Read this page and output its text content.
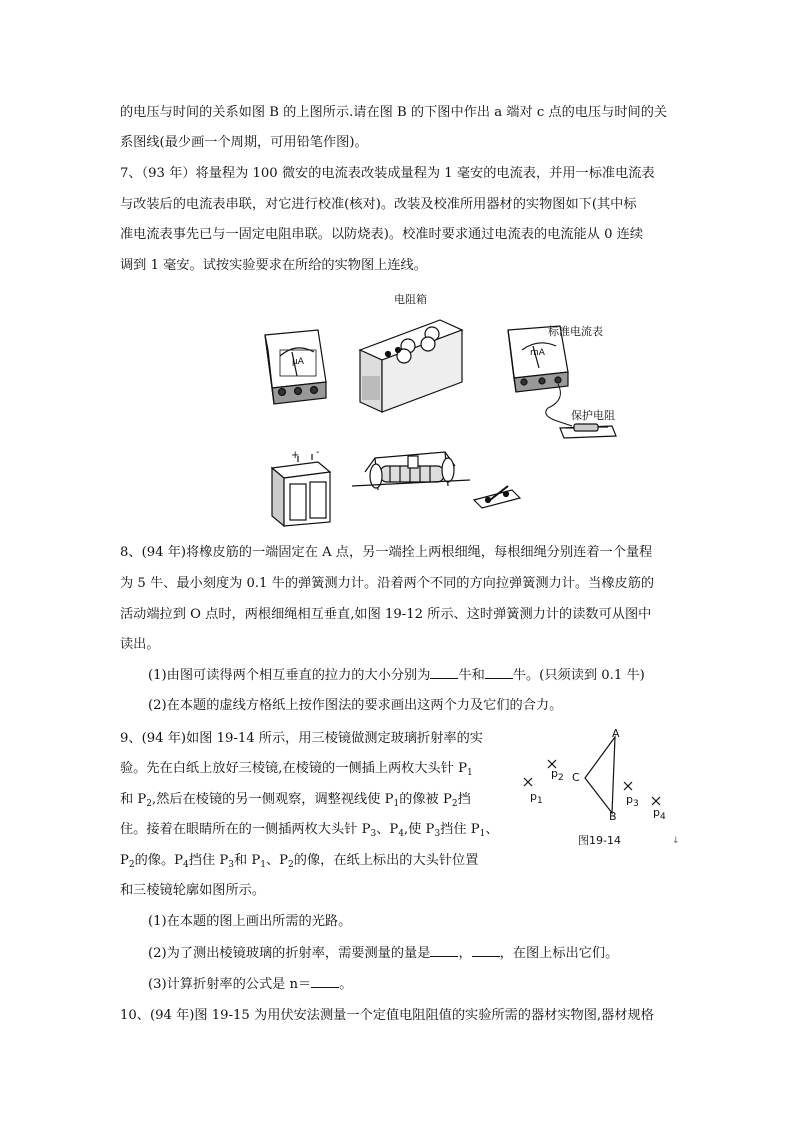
的电压与时间的关系如图 B 的上图所示.请在图 B 的下图中作出 a 端对 c 点的电压与时间的关
系图线(最少画一个周期，可用铅笔作图)。
7、（93 年）将量程为 100 微安的电流表改装成量程为 1 毫安的电流表，并用一标准电流表
与改装后的电流表串联，对它进行校准(核对)。改装及校准所用器材的实物图如下(其中标
准电流表事先已与一固定电阻串联。以防烧表)。校准时要求通过电流表的电流能从 0 连续
调到 1 毫安。试按实验要求在所给的实物图上连线。
+ -
电阻箱
标准电流表
保护电阻
μA
mA
8、(94 年)将橡皮筋的一端固定在 A 点，另一端拴上两根细绳，每根细绳分别连着一个量程
为 5 牛、最小刻度为 0.1 牛的弹簧测力计。沿着两个不同的方向拉弹簧测力计。当橡皮筋的
活动端拉到 O 点时，两根细绳相互垂直,如图 19-12 所示、这时弹簧测力计的读数可从图中
读出。
(1)由图可读得两个相互垂直的拉力的大小分别为 牛和 牛。(只须读到 0.1 牛)
(2)在本题的虚线方格纸上按作图法的要求画出这两个力及它们的合力。
9、(94 年)如图 19-14 所示，用三棱镜做测定玻璃折射率的实
验。先在白纸上放好三棱镜,在棱镜的一侧插上两枚大头针 $P_1$
和 $P_2$,然后在棱镜的另一侧观察，调整视线使 $P_1$的像被 $P_2$挡
住。接着在眼睛所在的一侧插两枚大头针 $P_3$、$P_4$,使 $P_3$挡住 $P_1$、
$P_2$的像。$P_4$挡住 $P_3$和 $P_1$、$P_2$的像，在纸上标出的大头针位置
和三棱镜轮廓如图所示。
(1)在本题的图上画出所需的光路。
(2)为了测出棱镜玻璃的折射率，需要测量的量是 ， ，在图上标出它们。
(3)计算折射率的公式是 n＝ 。
A
C
B
$p_1$
$p_2$
$p_3$
$p_4$
图19-14	↓
10、(94 年)图 19-15 为用伏安法测量一个定值电阻阻值的实验所需的器材实物图,器材规格
